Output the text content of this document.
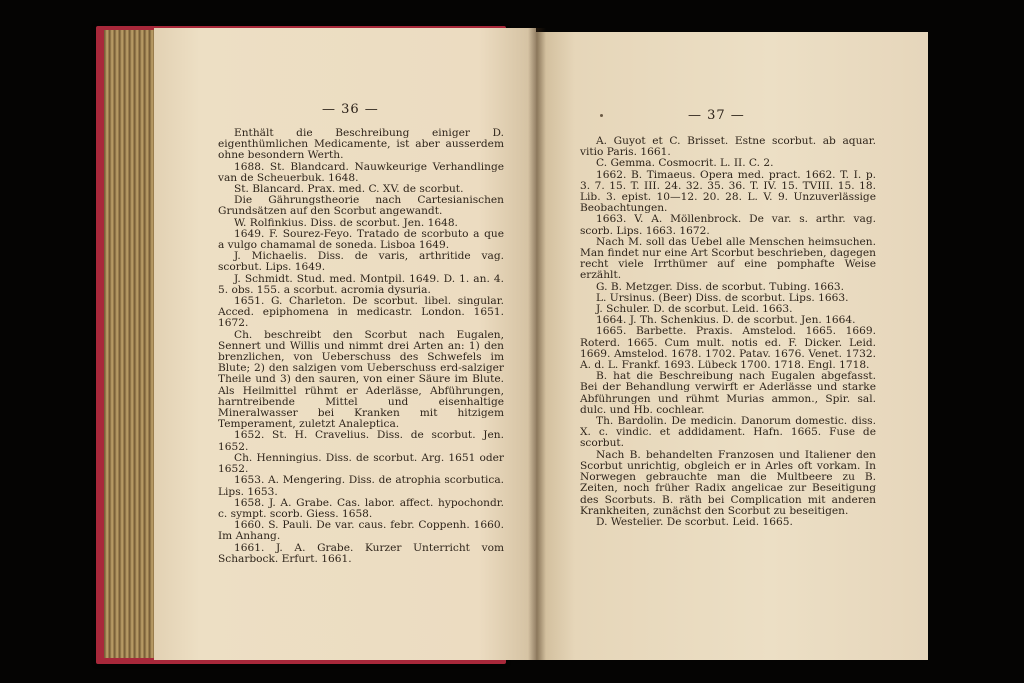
— 36 —

Enthält die Beschreibung einiger D. eigenthümlichen Medicamente, ist aber ausserdem ohne besondern Werth.

1688. St. Blandcard. Nauwkeurige Verhandlinge van de Scheuerbuk. 1648.

St. Blancard. Prax. med. C. XV. de scorbut.

Die Gährungstheorie nach Cartesianischen Grundsätzen auf den Scorbut angewandt.

W. Rolfinkius. Diss. de scorbut. Jen. 1648.

1649. F. Sourez-Feyo. Tratado de scorbuto a que a vulgo chamamal de soneda. Lisboa 1649.

J. Michaelis. Diss. de varis, arthritide vag. scorbut. Lips. 1649.

J. Schmidt. Stud. med. Montpil. 1649. D. 1. an. 4. 5. obs. 155. a scorbut. acromia dysuria.

1651. G. Charleton. De scorbut. libel. singular. Acced. epiphomena in medicastr. London. 1651. 1672.

Ch. beschreibt den Scorbut nach Eugalen, Sennert und Willis und nimmt drei Arten an: 1) den brenzlichen, von Ueberschuss des Schwefels im Blute; 2) den salzigen vom Ueberschuss erd-salziger Theile und 3) den sauren, von einer Säure im Blute. Als Heilmittel rühmt er Aderlässe, Abführungen, harntreibende Mittel und eisenhaltige Mineralwasser bei Kranken mit hitzigem Temperament, zuletzt Analeptica.

1652. St. H. Cravelius. Diss. de scorbut. Jen. 1652.

Ch. Henningius. Diss. de scorbut. Arg. 1651 oder 1652.

1653. A. Mengering. Diss. de atrophia scorbutica. Lips. 1653.

1658. J. A. Grabe. Cas. labor. affect. hypochondr. c. sympt. scorb. Giess. 1658.

1660. S. Pauli. De var. caus. febr. Coppenh. 1660. Im Anhang.

1661. J. A. Grabe. Kurzer Unterricht vom Scharbock. Erfurt. 1661.

— 37 —

A. Guyot et C. Brisset. Estne scorbut. ab aquar. vitio Paris. 1661.

C. Gemma. Cosmocrit. L. II. C. 2.

1662. B. Timaeus. Opera med. pract. 1662. T. I. p. 3. 7. 15. T. III. 24. 32. 35. 36. T. IV. 15. TVIII. 15. 18. Lib. 3. epist. 10—12. 20. 28. L. V. 9. Unzuverlässige Beobachtungen.

1663. V. A. Möllenbrock. De var. s. arthr. vag. scorb. Lips. 1663. 1672.

Nach M. soll das Uebel alle Menschen heimsuchen. Man findet nur eine Art Scorbut beschrieben, dagegen recht viele Irrthümer auf eine pomphafte Weise erzählt.

G. B. Metzger. Diss. de scorbut. Tubing. 1663.

L. Ursinus. (Beer) Diss. de scorbut. Lips. 1663.

J. Schuler. D. de scorbut. Leid. 1663.

1664. J. Th. Schenkius. D. de scorbut. Jen. 1664.

1665. Barbette. Praxis. Amstelod. 1665. 1669. Roterd. 1665. Cum mult. notis ed. F. Dicker. Leid. 1669. Amstelod. 1678. 1702. Patav. 1676. Venet. 1732. A. d. L. Frankf. 1693. Lübeck 1700. 1718. Engl. 1718.

B. hat die Beschreibung nach Eugalen abgefasst. Bei der Behandlung verwirft er Aderlässe und starke Abführungen und rühmt Murias ammon., Spir. sal. dulc. und Hb. cochlear.

Th. Bardolin. De medicin. Danorum domestic. diss. X. c. vindic. et addidament. Hafn. 1665. Fuse de scorbut.

Nach B. behandelten Franzosen und Italiener den Scorbut unrichtig, obgleich er in Arles oft vorkam. In Norwegen gebrauchte man die Multbeere zu B. Zeiten, noch früher Radix angelicae zur Beseitigung des Scorbuts. B. räth bei Complication mit anderen Krankheiten, zunächst den Scorbut zu beseitigen.

D. Westelier. De scorbut. Leid. 1665.
